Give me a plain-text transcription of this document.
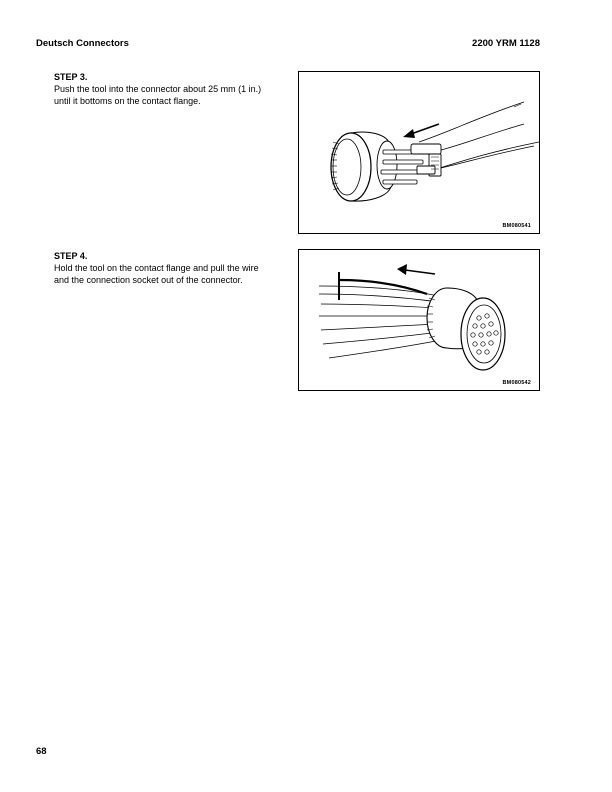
Deutsch Connectors	2200 YRM 1128
STEP 3.
Push the tool into the connector about 25 mm (1 in.) until it bottoms on the contact flange.
BM080541
STEP 4.
Hold the tool on the contact flange and pull the wire and the connection socket out of the connector.
BM080542
68
